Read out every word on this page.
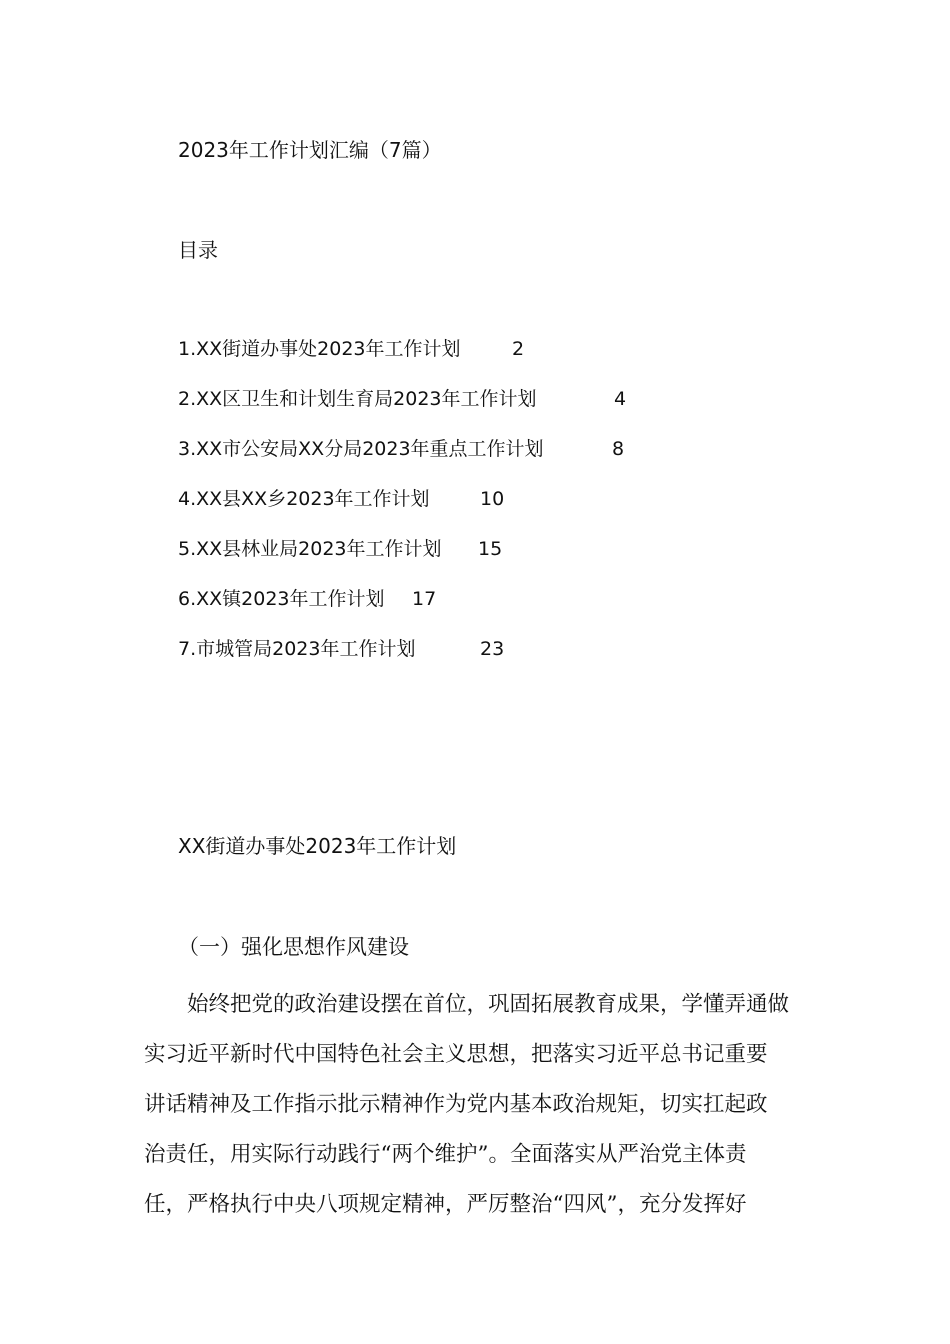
2023年工作计划汇编（7篇）
目录
1.XX街道办事处2023年工作计划	2
2.XX区卫生和计划生育局2023年工作计划	4
3.XX市公安局XX分局2023年重点工作计划	8
4.XX县XX乡2023年工作计划	10
5.XX县林业局2023年工作计划 15
6.XX镇2023年工作计划 17
7.市城管局2023年工作计划	23
XX街道办事处2023年工作计划
（一）强化思想作风建设

　　始终把党的政治建设摆在首位，巩固拓展教育成果，学懂弄通做
实习近平新时代中国特色社会主义思想，把落实习近平总书记重要
讲话精神及工作指示批示精神作为党内基本政治规矩，切实扛起政
治责任，用实际行动践行“两个维护”。全面落实从严治党主体责
任，严格执行中央八项规定精神，严厉整治“四风”，充分发挥好
